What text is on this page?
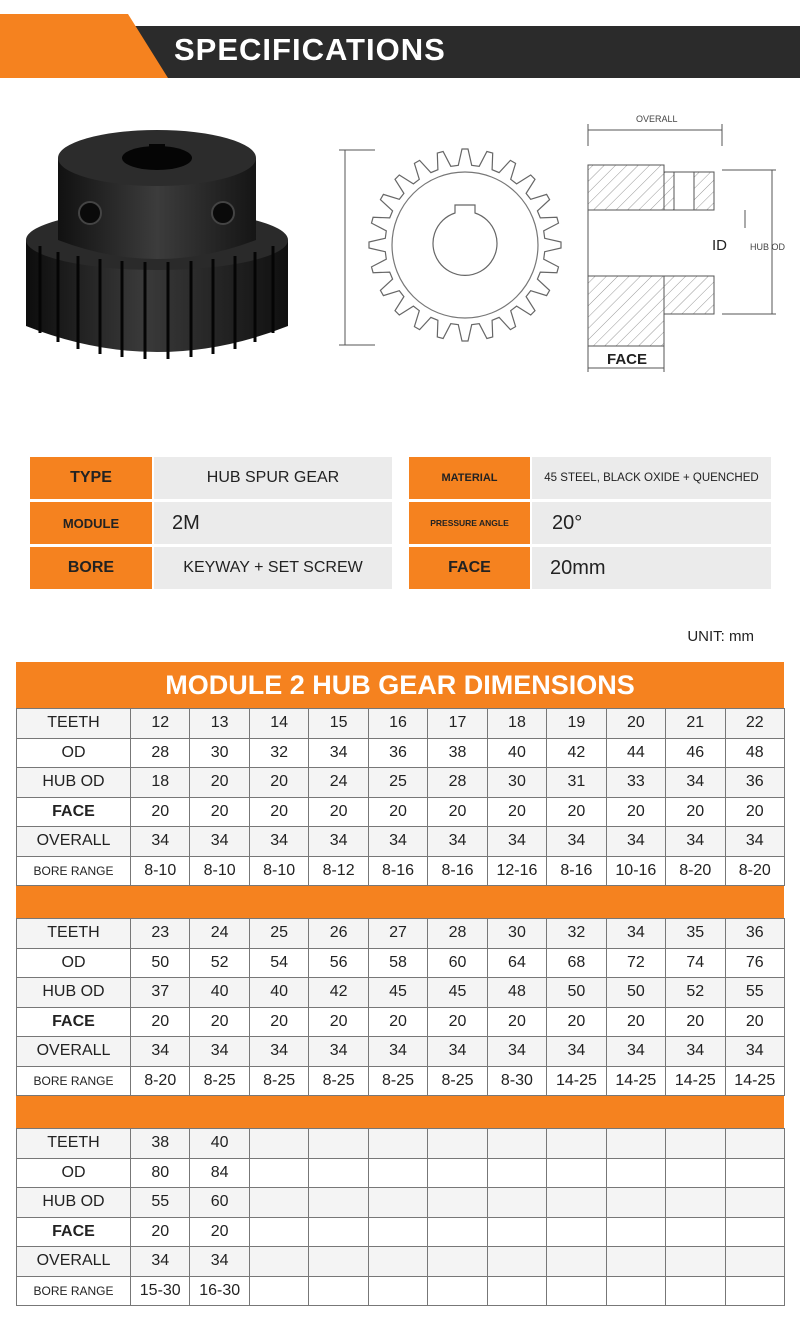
SPECIFICATIONS
OVERALL
ID	HUB OD
FACE
TYPE	HUB SPUR GEAR
MODULE	2M
BORE	KEYWAY + SET SCREW
MATERIAL	45 STEEL, BLACK OXIDE + QUENCHED
PRESSURE ANGLE	20°
FACE	20mm
UNIT: mm
MODULE 2 HUB GEAR DIMENSIONS
TEETH	12	13	14	15	16	17	18	19	20	21	22
OD	28	30	32	34	36	38	40	42	44	46	48
HUB OD	18	20	20	24	25	28	30	31	33	34	36
FACE	20	20	20	20	20	20	20	20	20	20	20
OVERALL	34	34	34	34	34	34	34	34	34	34	34
BORE RANGE	8-10	8-10	8-10	8-12	8-16	8-16	12-16	8-16	10-16	8-20	8-20
TEETH	23	24	25	26	27	28	30	32	34	35	36
OD	50	52	54	56	58	60	64	68	72	74	76
HUB OD	37	40	40	42	45	45	48	50	50	52	55
FACE	20	20	20	20	20	20	20	20	20	20	20
OVERALL	34	34	34	34	34	34	34	34	34	34	34
BORE RANGE	8-20	8-25	8-25	8-25	8-25	8-25	8-30	14-25	14-25	14-25	14-25
TEETH	38	40									
OD	80	84									
HUB OD	55	60									
FACE	20	20									
OVERALL	34	34									
BORE RANGE	15-30	16-30									
